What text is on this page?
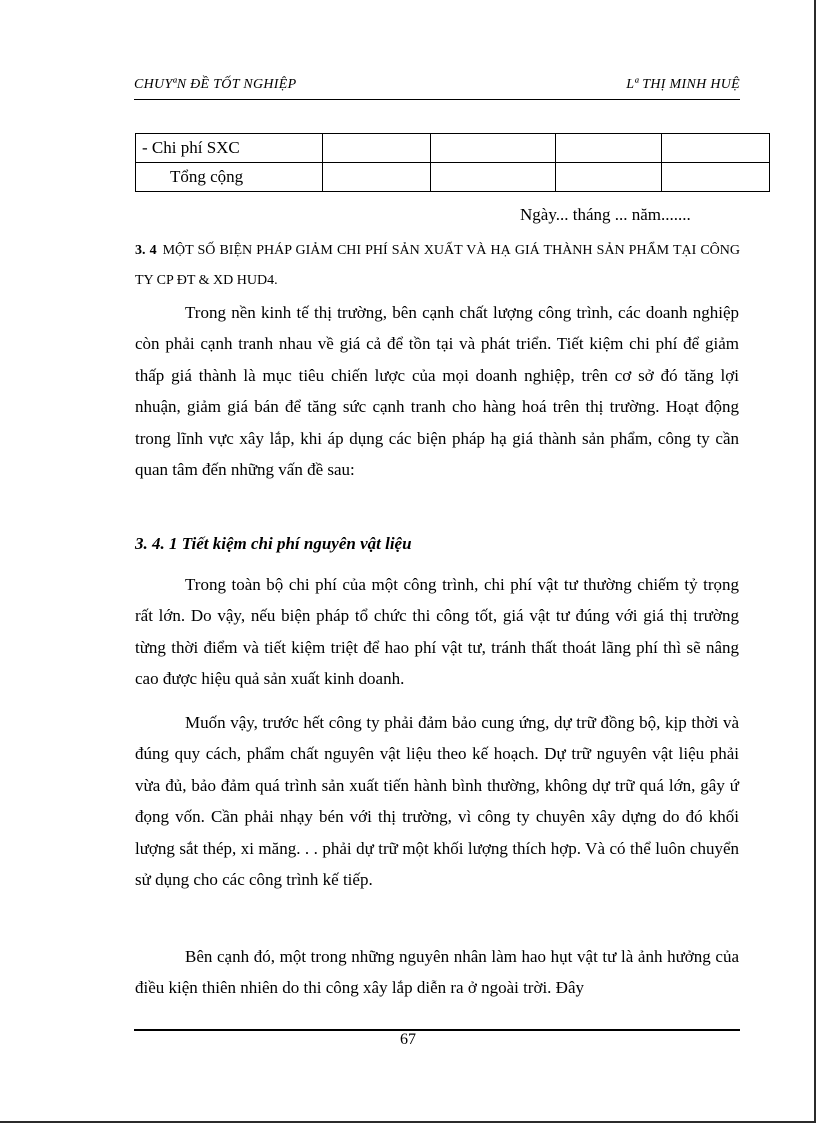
CHUYªN ĐỀ TỐT NGHIỆP	Lª THỊ MINH HUỆ
- Chi phí SXC				
Tổng cộng				
Ngày... tháng ... năm.......
3. 4 MỘT SỐ BIỆN PHÁP GIẢM CHI PHÍ SẢN XUẤT VÀ HẠ GIÁ THÀNH SẢN PHẨM TẠI CÔNG TY CP ĐT & XD HUD4.

Trong nền kinh tế thị trường, bên cạnh chất lượng công trình, các doanh nghiệp còn phải cạnh tranh nhau về giá cả để tồn tại và phát triển. Tiết kiệm chi phí để giảm thấp giá thành là mục tiêu chiến lược của mọi doanh nghiệp, trên cơ sở đó tăng lợi nhuận, giảm giá bán để tăng sức cạnh tranh cho hàng hoá trên thị trường. Hoạt động trong lĩnh vực xây lắp, khi áp dụng các biện pháp hạ giá thành sản phẩm, công ty cần quan tâm đến những vấn đề sau:

3. 4. 1 Tiết kiệm chi phí nguyên vật liệu

Trong toàn bộ chi phí của một công trình, chi phí vật tư thường chiếm tỷ trọng rất lớn. Do vậy, nếu biện pháp tổ chức thi công tốt, giá vật tư đúng với giá thị trường từng thời điểm và tiết kiệm triệt để hao phí vật tư, tránh thất thoát lãng phí thì sẽ nâng cao được hiệu quả sản xuất kinh doanh.

Muốn vậy, trước hết công ty phải đảm bảo cung ứng, dự trữ đồng bộ, kịp thời và đúng quy cách, phẩm chất nguyên vật liệu theo kế hoạch. Dự trữ nguyên vật liệu phải vừa đủ, bảo đảm quá trình sản xuất tiến hành bình thường, không dự trữ quá lớn, gây ứ đọng vốn. Cần phải nhạy bén với thị trường, vì công ty chuyên xây dựng do đó khối lượng sắt thép, xi măng. . . phải dự trữ một khối lượng thích hợp. Và có thể luôn chuyển sử dụng cho các công trình kế tiếp.

Bên cạnh đó, một trong những nguyên nhân làm hao hụt vật tư là ảnh hưởng của điều kiện thiên nhiên do thi công xây lắp diễn ra ở ngoài trời. Đây

67
